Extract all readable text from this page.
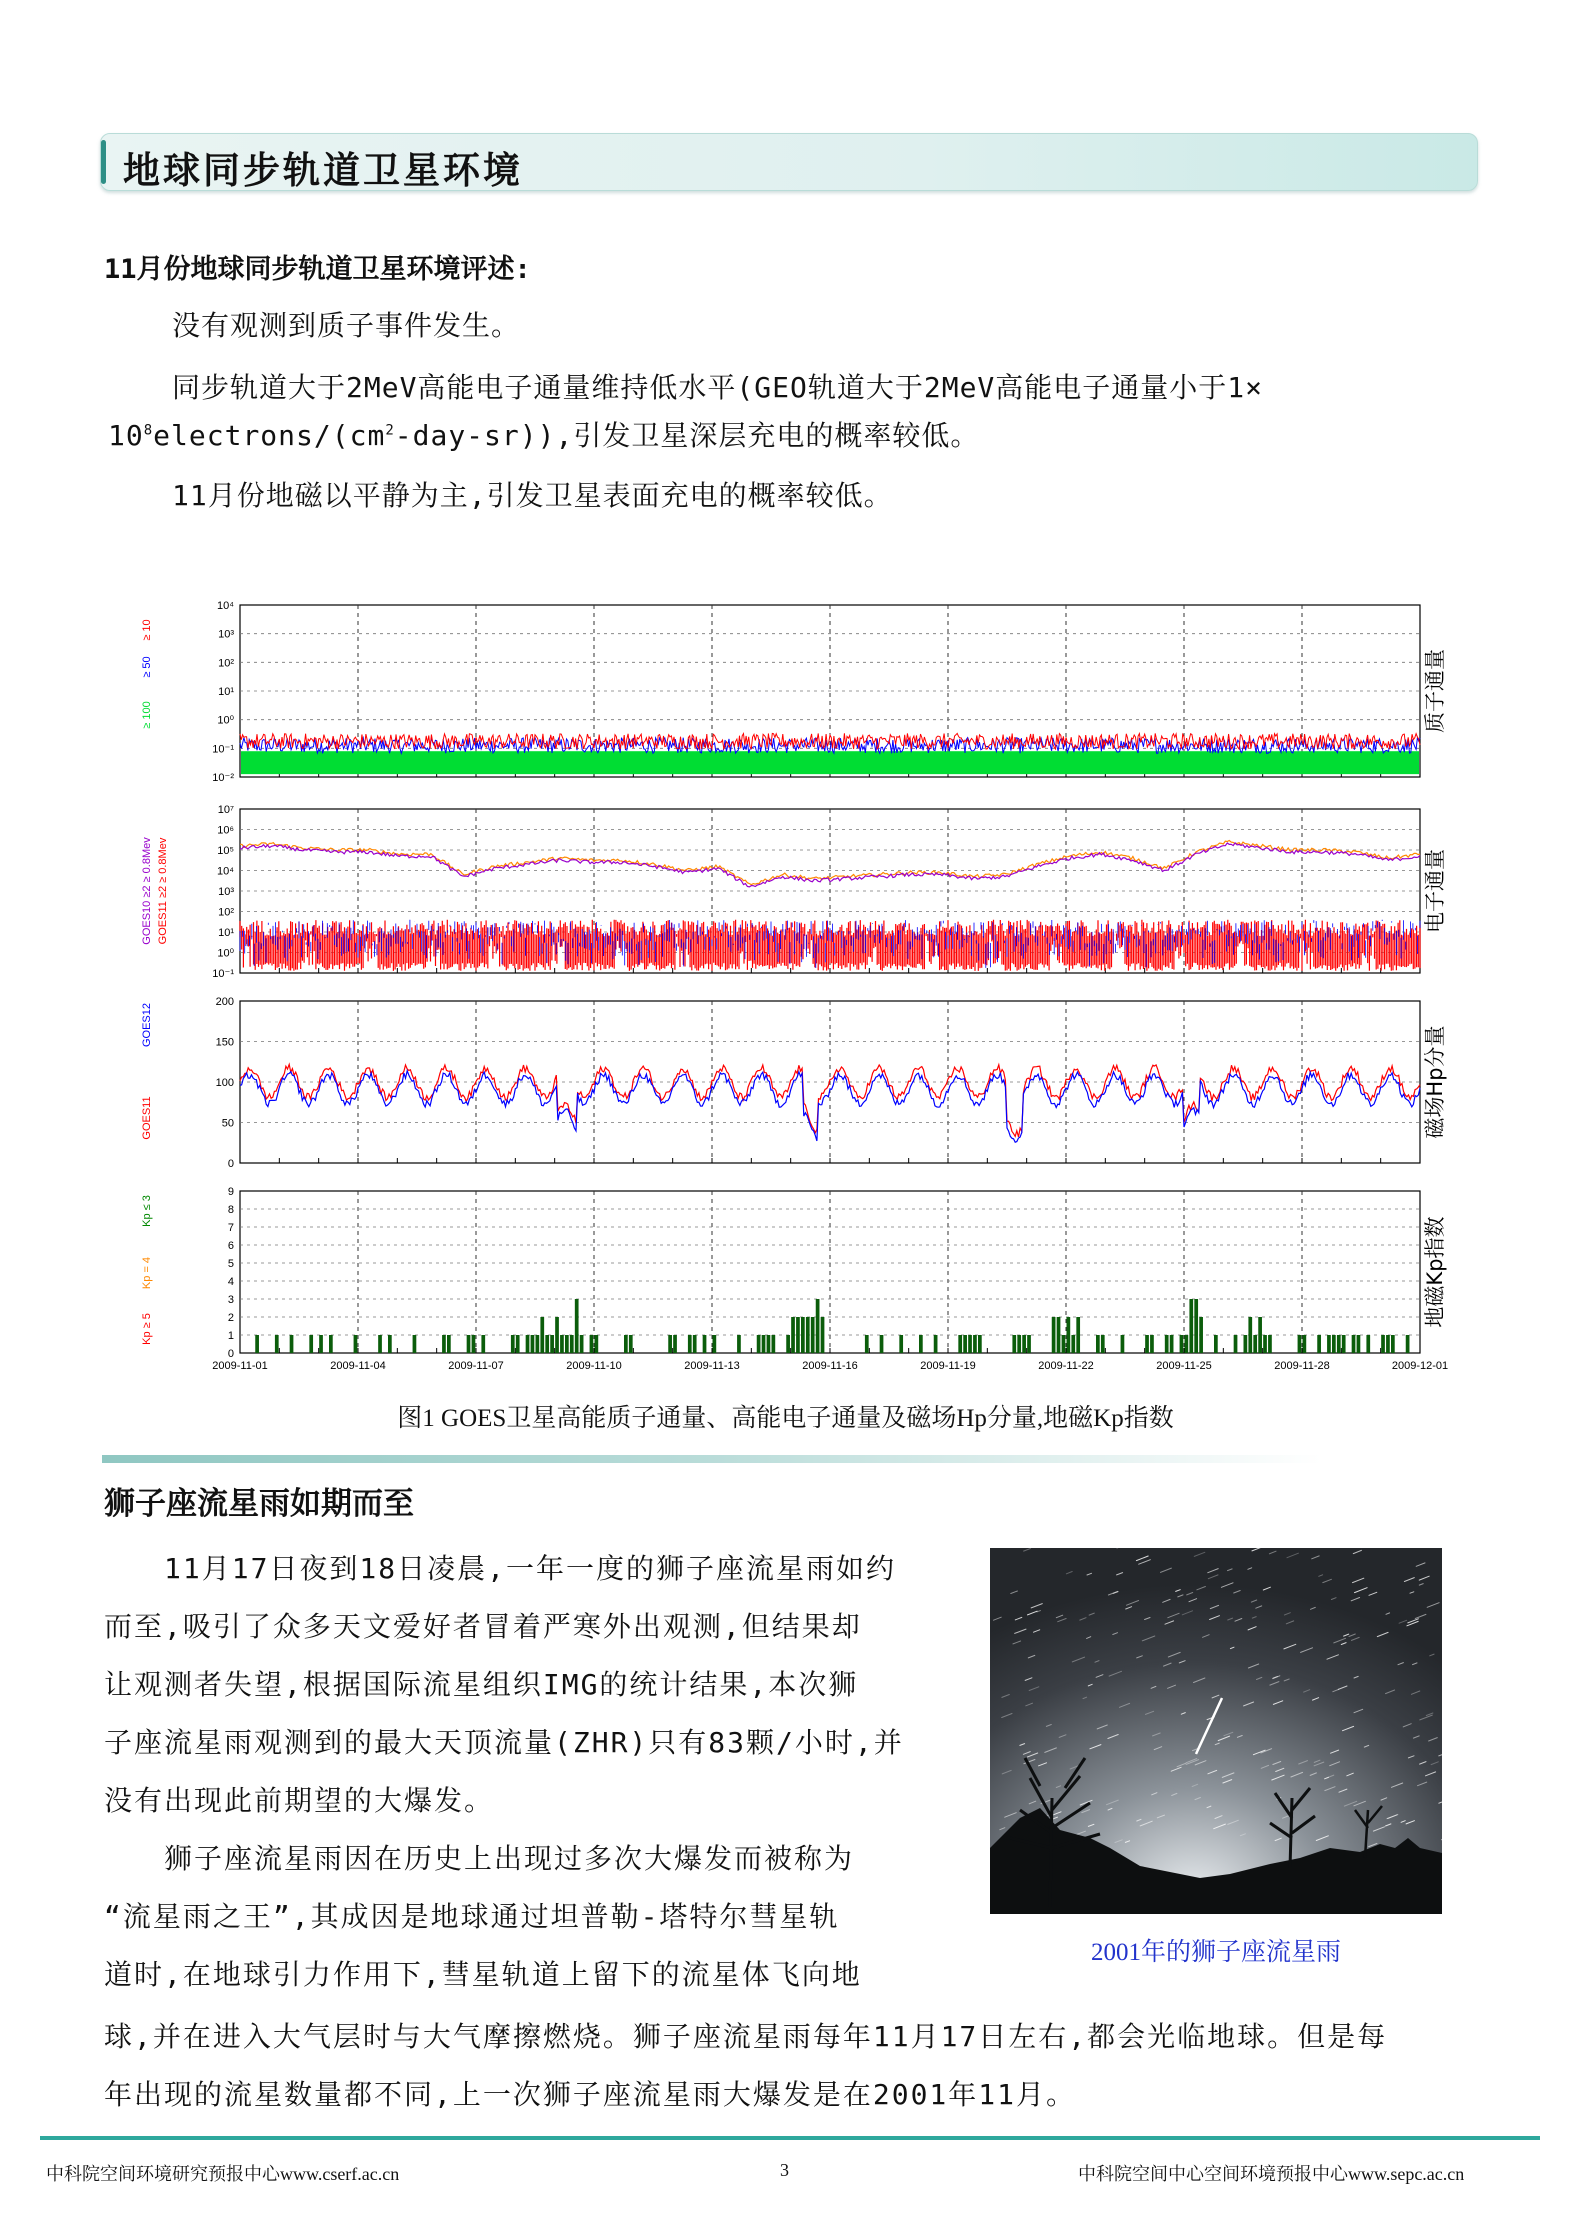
地球同步轨道卫星环境
11月份地球同步轨道卫星环境评述:
没有观测到质子事件发生。
同步轨道大于2MeV高能电子通量维持低水平(GEO轨道大于2MeV高能电子通量小于1×
$10^8electrons/(cm^2-day-sr)$),引发卫星深层充电的概率较低。
11月份地磁以平静为主,引发卫星表面充电的概率较低。
10⁻²
10⁻¹
10⁰
10¹
10²
10³
10⁴
10⁻¹
10⁰
10¹
10²
10³
10⁴
10⁵
10⁶
10⁷
0
50
100
150
200
0
1
2
3
4
5
6
7
8
9
2009-11-01	2009-11-04	2009-11-07	2009-11-10	2009-11-13	2009-11-16	2009-11-19	2009-11-22	2009-11-25	2009-11-28	2009-12-01
质子通量
电子通量
磁场Hp分量
地磁Kp指数
≥ 10
≥ 50
≥ 100
GOES10 ≥2 ≥ 0.8Mev GOES11 ≥2 ≥ 0.8Mev
GOES12
GOES11
Kp ≥ 5
Kp = 4
Kp ≤ 3
图1 GOES卫星高能质子通量、高能电子通量及磁场Hp分量,地磁Kp指数
狮子座流星雨如期而至
11月17日夜到18日凌晨,一年一度的狮子座流星雨如约
而至,吸引了众多天文爱好者冒着严寒外出观测,但结果却
让观测者失望,根据国际流星组织IMG的统计结果,本次狮
子座流星雨观测到的最大天顶流量(ZHR)只有83颗/小时,并
没有出现此前期望的大爆发。
狮子座流星雨因在历史上出现过多次大爆发而被称为
“流星雨之王”,其成因是地球通过坦普勒-塔特尔彗星轨
道时,在地球引力作用下,彗星轨道上留下的流星体飞向地
球,并在进入大气层时与大气摩擦燃烧。狮子座流星雨每年11月17日左右,都会光临地球。但是每
年出现的流星数量都不同,上一次狮子座流星雨大爆发是在2001年11月。
2001年的狮子座流星雨
中科院空间环境研究预报中心www.cserf.ac.cn	3	中科院空间中心空间环境预报中心www.sepc.ac.cn
